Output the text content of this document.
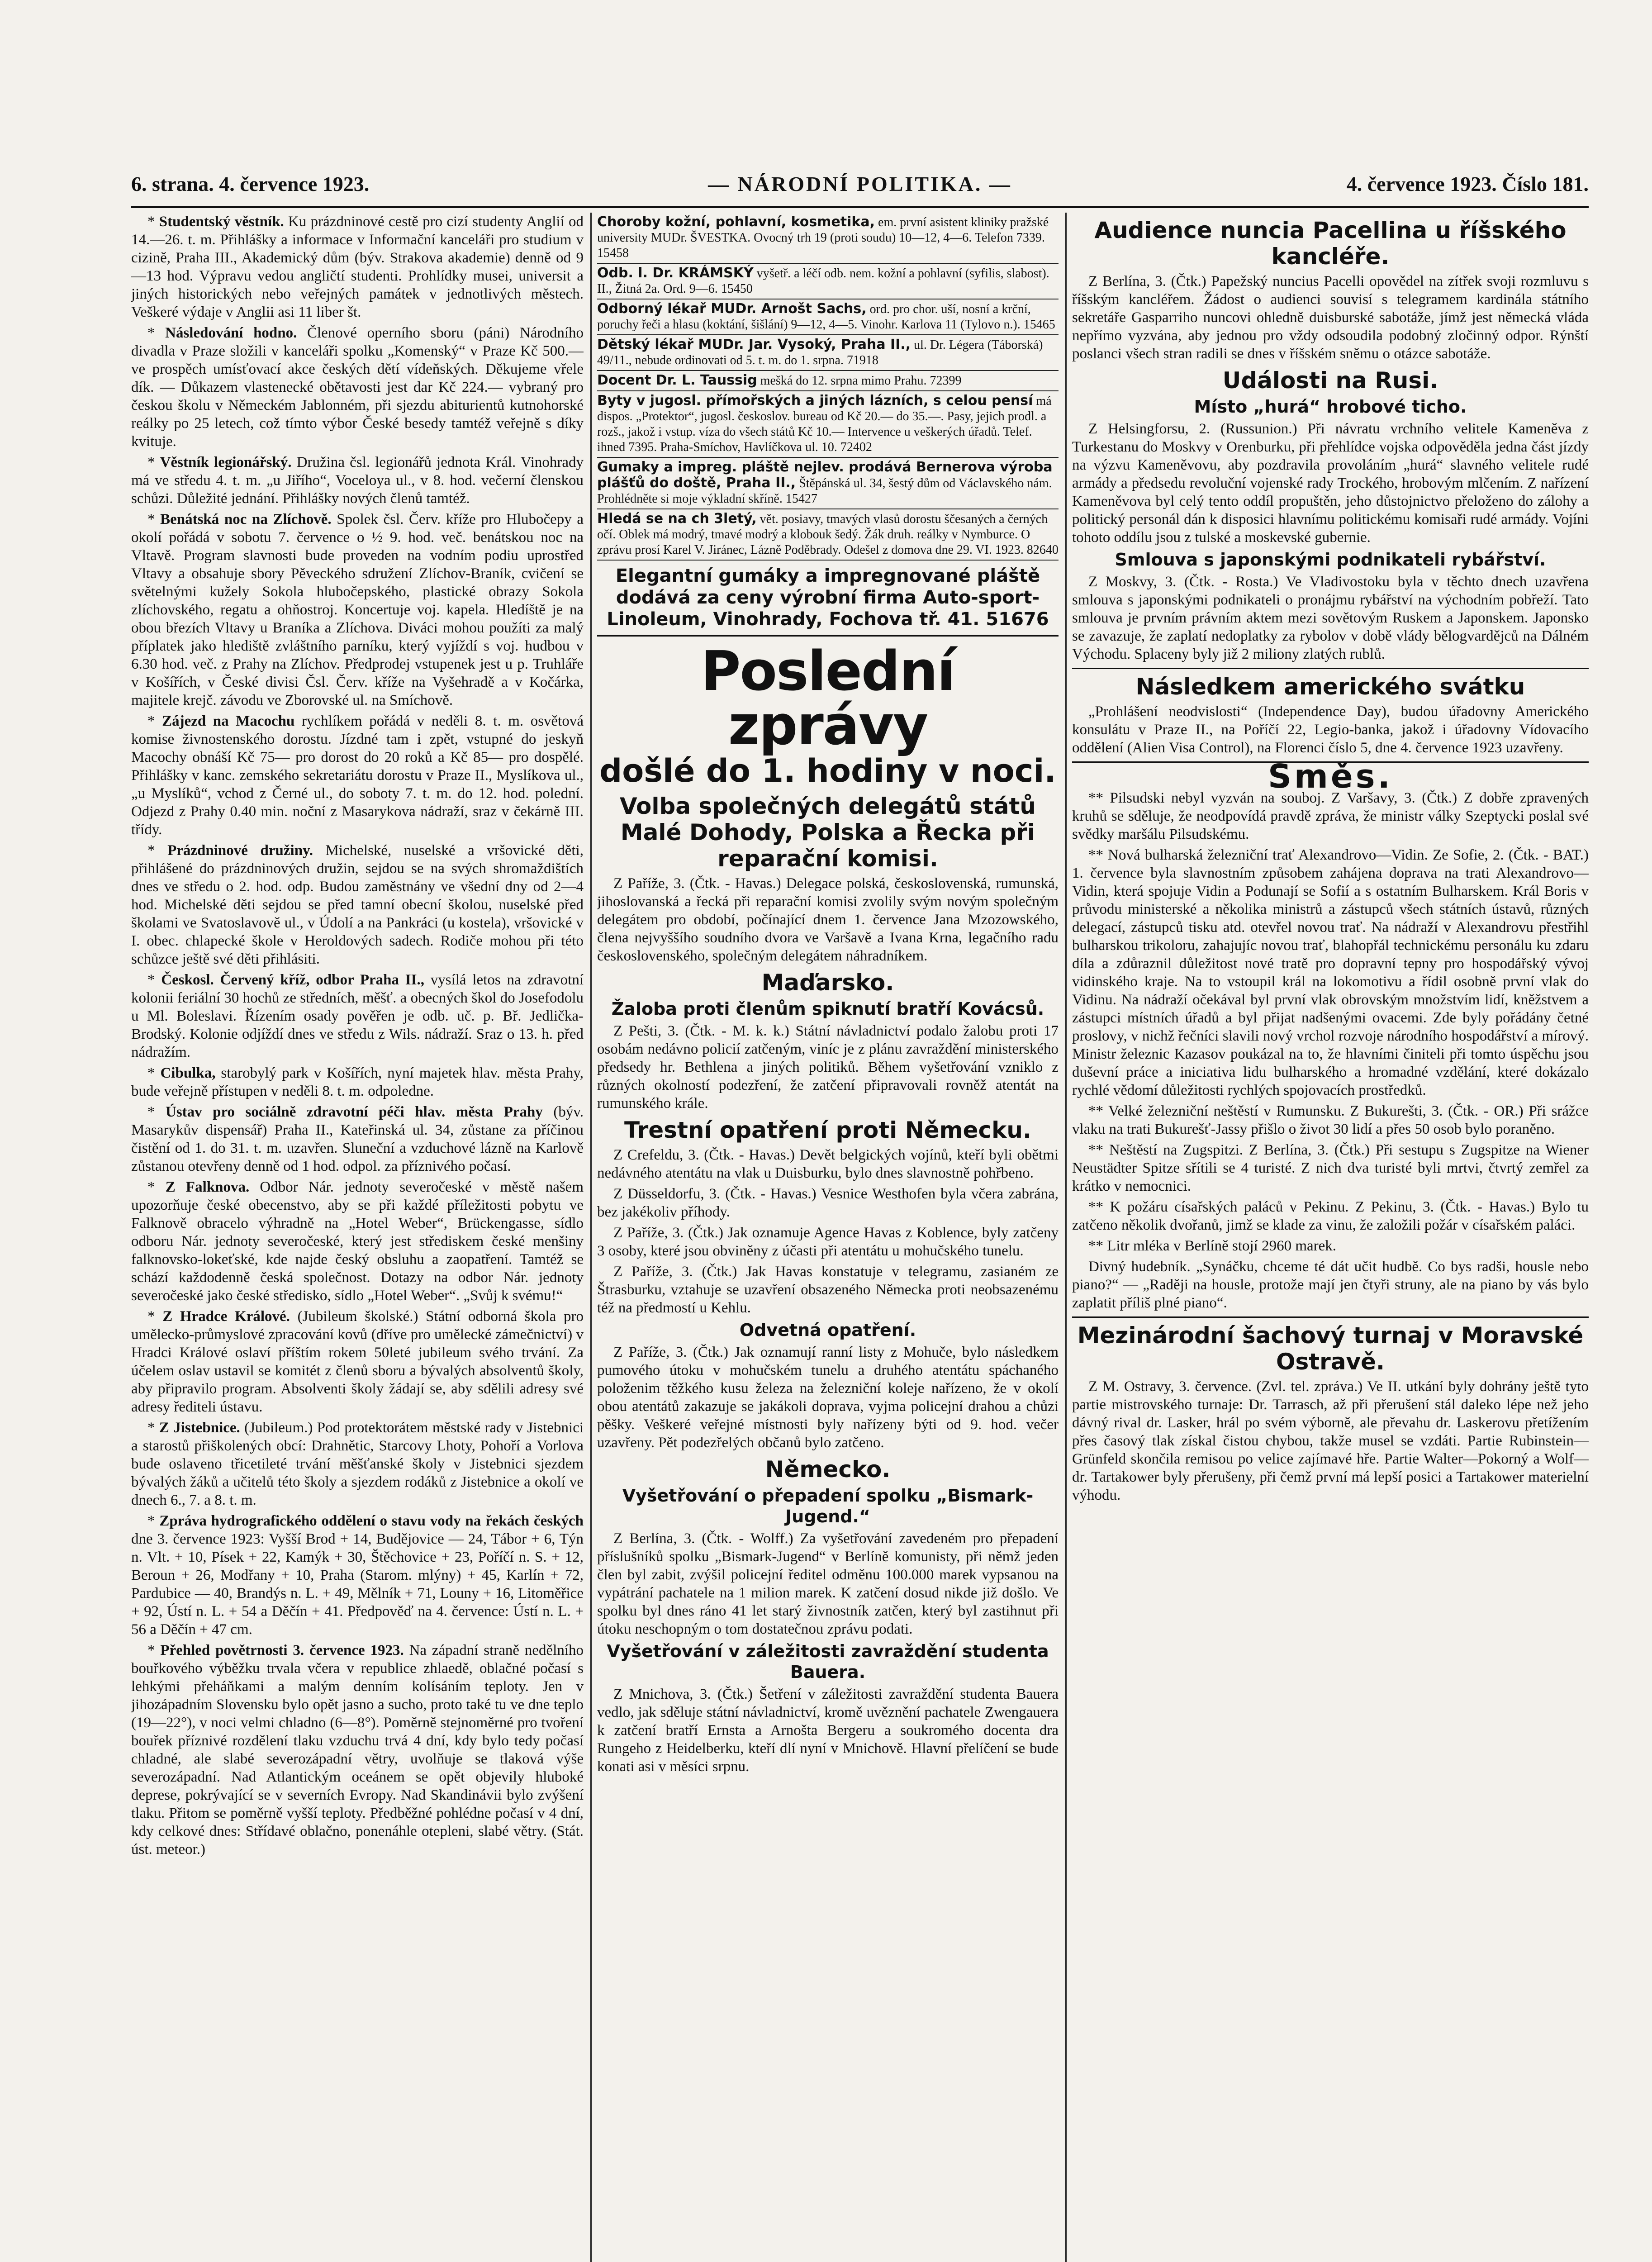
6. strana. 4. července 1923.	— NÁRODNÍ POLITIKA. —	4. července 1923. Číslo 181.

* Studentský věstník. Ku prázdninové cestě pro cizí studenty Anglií od 14.—26. t. m. Přihlášky a informace v Informační kanceláři pro studium v cizině, Praha III., Akademický dům (býv. Strakova akademie) denně od 9—13 hod. Výpravu vedou angličtí studenti. Prohlídky musei, universit a jiných historických nebo veřejných památek v jednotlivých městech. Veškeré výdaje v Anglii asi 11 liber št.

* Následování hodno. Členové operního sboru (páni) Národního divadla v Praze složili v kanceláři spolku „Komenský“ v Praze Kč 500.— ve prospěch umísťovací akce českých dětí vídeňských. Děkujeme vřele dík. — Důkazem vlastenecké obětavosti jest dar Kč 224.— vybraný pro českou školu v Německém Jablonném, při sjezdu abiturientů kutnohorské reálky po 25 letech, což tímto výbor České besedy tamtéž veřejně s díky kvituje.

* Věstník legionářský. Družina čsl. legionářů jednota Král. Vinohrady má ve středu 4. t. m. „u Jiřího“, Voceloya ul., v 8. hod. večerní členskou schůzi. Důležité jednání. Přihlášky nových členů tamtéž.

* Benátská noc na Zlíchově. Spolek čsl. Červ. kříže pro Hlubočepy a okolí pořádá v sobotu 7. července o ½ 9. hod. več. benátskou noc na Vltavě. Program slavnosti bude proveden na vodním podiu uprostřed Vltavy a obsahuje sbory Pěveckého sdružení Zlíchov-Braník, cvičení se světelnými kužely Sokola hlubočepského, plastické obrazy Sokola zlíchovského, regatu a ohňostroj. Koncertuje voj. kapela. Hledíště je na obou březích Vltavy u Braníka a Zlíchova. Diváci mohou použíti za malý příplatek jako hlediště zvláštního parníku, který vyjíždí s voj. hudbou v 6.30 hod. več. z Prahy na Zlíchov. Předprodej vstupenek jest u p. Truhláře v Košířích, v České divisi Čsl. Červ. kříže na Vyšehradě a v Kočárka, majitele krejč. závodu ve Zborovské ul. na Smíchově.

* Zájezd na Macochu rychlíkem pořádá v neděli 8. t. m. osvětová komise živnostenského dorostu. Jízdné tam i zpět, vstupné do jeskyň Macochy obnáší Kč 75— pro dorost do 20 roků a Kč 85— pro dospělé. Přihlášky v kanc. zemského sekretariátu dorostu v Praze II., Myslíkova ul., „u Myslíků“, vchod z Černé ul., do soboty 7. t. m. do 12. hod. polední. Odjezd z Prahy 0.40 min. noční z Masarykova nádraží, sraz v čekárně III. třídy.

* Prázdninové družiny. Michelské, nuselské a vršovické děti, přihlášené do prázdninových družin, sejdou se na svých shromaždištích dnes ve středu o 2. hod. odp. Budou zaměstnány ve všední dny od 2—4 hod. Michelské děti sejdou se před tamní obecní školou, nuselské před školami ve Svatoslavově ul., v Údolí a na Pankráci (u kostela), vršovické v I. obec. chlapecké škole v Heroldových sadech. Rodiče mohou při této schůzce ještě své děti přihlásiti.

* Českosl. Červený kříž, odbor Praha II., vysílá letos na zdravotní kolonii feriální 30 hochů ze středních, měšť. a obecných škol do Josefodolu u Ml. Boleslavi. Řízením osady pověřen je odb. uč. p. Bř. Jedlička-Brodský. Kolonie odjíždí dnes ve středu z Wils. nádraží. Sraz o 13. h. před nádražím.

* Cibulka, starobylý park v Košířích, nyní majetek hlav. města Prahy, bude veřejně přístupen v neděli 8. t. m. odpoledne.

* Ústav pro sociálně zdravotní péči hlav. města Prahy (býv. Masarykův dispensář) Praha II., Kateřinská ul. 34, zůstane za příčinou čistění od 1. do 31. t. m. uzavřen. Sluneční a vzduchové lázně na Karlově zůstanou otevřeny denně od 1 hod. odpol. za příznivého počasí.

* Z Falknova. Odbor Nár. jednoty severočeské v městě našem upozorňuje české obecenstvo, aby se při každé příležitosti pobytu ve Falknově obracelo výhradně na „Hotel Weber“, Brückengasse, sídlo odboru Nár. jednoty severočeské, který jest střediskem české menšiny falknovsko-lokeťské, kde najde český obsluhu a zaopatření. Tamtéž se schází každodenně česká společnost. Dotazy na odbor Nár. jednoty severočeské jako české středisko, sídlo „Hotel Weber“. „Svůj k svému!“

* Z Hradce Králové. (Jubileum školské.) Státní odborná škola pro umělecko-průmyslové zpracování kovů (dříve pro umělecké zámečnictví) v Hradci Králové oslaví příštím rokem 50leté jubileum svého trvání. Za účelem oslav ustavil se komitét z členů sboru a bývalých absolventů školy, aby připravilo program. Absolventi školy žádají se, aby sdělili adresy své adresy řediteli ústavu.

* Z Jistebnice. (Jubileum.) Pod protektorátem městské rady v Jistebnici a starostů přiškolených obcí: Drahnětic, Starcovy Lhoty, Pohoří a Vorlova bude oslaveno třicetileté trvání měšťanské školy v Jistebnici sjezdem bývalých žáků a učitelů této školy a sjezdem rodáků z Jistebnice a okolí ve dnech 6., 7. a 8. t. m.

* Zpráva hydrografického oddělení o stavu vody na řekách českých dne 3. července 1923: Vyšší Brod + 14, Budějovice — 24, Tábor + 6, Týn n. Vlt. + 10, Písek + 22, Kamýk + 30, Štěchovice + 23, Poříčí n. S. + 12, Beroun + 26, Modřany + 10, Praha (Starom. mlýny) + 45, Karlín + 72, Pardubice — 40, Brandýs n. L. + 49, Mělník + 71, Louny + 16, Litoměřice + 92, Ústí n. L. + 54 a Děčín + 41. Předpověď na 4. července: Ústí n. L. + 56 a Děčín + 47 cm.

* Přehled povětrnosti 3. července 1923. Na západní straně nedělního bouřkového výběžku trvala včera v republice zhlaedě, oblačné počasí s lehkými přeháňkami a malým denním kolísáním teploty. Jen v jihozápadním Slovensku bylo opět jasno a sucho, proto také tu ve dne teplo (19—22°), v noci velmi chladno (6—8°). Poměrně stejnoměrné pro tvoření bouřek příznivé rozdělení tlaku vzduchu trvá 4 dní, kdy bylo tedy počasí chladné, ale slabé severozápadní větry, uvolňuje se tlaková výše severozápadní. Nad Atlantickým oceánem se opět objevily hluboké deprese, pokrývající se v severních Evropy. Nad Skandinávii bylo zvýšení tlaku. Přitom se poměrně vyšší teploty. Předběžné pohlédne počasí v 4 dní, kdy celkové dnes: Střídavé oblačno, ponenáhle otepleni, slabé větry. (Stát. úst. meteor.)

Choroby kožní, pohlavní, kosmetika, em. první asistent kliniky pražské university MUDr. ŠVESTKA. Ovocný trh 19 (proti soudu) 10—12, 4—6. Telefon 7339. 15458
Odb. l. Dr. KRÁMSKÝ vyšetř. a léčí odb. nem. kožní a pohlavní (syfilis, slabost). II., Žitná 2a. Ord. 9—6. 15450
Odborný lékař MUDr. Arnošt Sachs, ord. pro chor. uší, nosní a krční, poruchy řeči a hlasu (koktání, šišlání) 9—12, 4—5. Vinohr. Karlova 11 (Tylovo n.). 15465
Dětský lékař MUDr. Jar. Vysoký, Praha II., ul. Dr. Légera (Táborská) 49/11., nebude ordinovati od 5. t. m. do 1. srpna. 71918
Docent Dr. L. Taussig mešká do 12. srpna mimo Prahu. 72399
Byty v jugosl. přímořských a jiných lázních, s celou pensí má dispos. „Protektor“, jugosl. českoslov. bureau od Kč 20.— do 35.—. Pasy, jejich prodl. a rozš., jakož i vstup. víza do všech států Kč 10.— Intervence u veškerých úřadů. Telef. ihned 7395. Praha-Smíchov, Havlíčkova ul. 10. 72402
Gumaky a impreg. pláště nejlev. prodává Bernerova výroba plášťů do doště, Praha II., Štěpánská ul. 34, šestý dům od Václavského nám. Prohlédněte si moje výkladní skříně. 15427
Hledá se na ch 3letý, vět. posiavy, tmavých vlasů dorostu ščesaných a černých očí. Oblek má modrý, tmavé modrý a klobouk šedý. Žák druh. reálky v Nymburce. O zprávu prosí Karel V. Jiránec, Lázně Poděbrady. Odešel z domova dne 29. VI. 1923. 82640
Elegantní gumáky a impregnované pláště dodává za ceny výrobní firma Auto-sport-Linoleum, Vinohrady, Fochova tř. 41. 51676
Poslední zprávy
došlé do 1. hodiny v noci.
Volba společných delegátů států Malé Dohody, Polska a Řecka při reparační komisi.

Z Paříže, 3. (Čtk. - Havas.) Delegace polská, československá, rumunská, jihoslovanská a řecká při reparační komisi zvolily svým novým společným delegátem pro období, počínající dnem 1. července Jana Mzozowského, člena nejvyššího soudního dvora ve Varšavě a Ivana Krna, legačního radu československého, společným delegátem náhradníkem.

Maďarsko.
Žaloba proti členům spiknutí bratří Kovácsů.

Z Pešti, 3. (Čtk. - M. k. k.) Státní návladnictví podalo žalobu proti 17 osobám nedávno policií zatčeným, viníc je z plánu zavraždění ministerského předsedy hr. Bethlena a jiných politiků. Během vyšetřování vzniklo z různých okolností podezření, že zatčení připravovali rovněž atentát na rumunského krále.

Trestní opatření proti Německu.

Z Crefeldu, 3. (Čtk. - Havas.) Devět belgických vojínů, kteří byli obětmi nedávného atentátu na vlak u Duisburku, bylo dnes slavnostně pohřbeno.

Z Düsseldorfu, 3. (Čtk. - Havas.) Vesnice Westhofen byla včera zabrána, bez jakékoliv příhody.

Z Paříže, 3. (Čtk.) Jak oznamuje Agence Havas z Koblence, byly zatčeny 3 osoby, které jsou obviněny z účasti při atentátu u mohučského tunelu.

Z Paříže, 3. (Čtk.) Jak Havas konstatuje v telegramu, zasianém ze Štrasburku, vztahuje se uzavření obsazeného Německa proti neobsazenému též na předmostí u Kehlu.

Odvetná opatření.

Z Paříže, 3. (Čtk.) Jak oznamují ranní listy z Mohuče, bylo následkem pumového útoku v mohučském tunelu a druhého atentátu spáchaného položenim těžkého kusu železa na železniční koleje nařízeno, že v okolí obou atentátů zakazuje se jakákoli doprava, vyjma policejní drahou a chůzi pěšky. Veškeré veřejné místnosti byly nařízeny býti od 9. hod. večer uzavřeny. Pět podezřelých občanů bylo zatčeno.

Německo.
Vyšetřování o přepadení spolku „Bismark-Jugend.“

Z Berlína, 3. (Čtk. - Wolff.) Za vyšetřování zavedeném pro přepadení příslušníků spolku „Bismark-Jugend“ v Berlíně komunisty, při němž jeden člen byl zabit, zvýšil policejní ředitel odměnu 100.000 marek vypsanou na vypátrání pachatele na 1 milion marek. K zatčení dosud nikde již došlo. Ve spolku byl dnes ráno 41 let starý živnostník zatčen, který byl zastihnut při útoku neschopným o tom dostatečnou zprávu podati.

Vyšetřování v záležitosti zavraždění studenta Bauera.

Z Mnichova, 3. (Čtk.) Šetření v záležitosti zavraždění studenta Bauera vedlo, jak sděluje státní návladnictví, kromě uvěznění pachatele Zwengauera k zatčení bratří Ernsta a Arnošta Bergeru a soukromého docenta dra Rungeho z Heidelberku, kteří dlí nyní v Mnichově. Hlavní přelíčení se bude konati asi v měsíci srpnu.

Audience nuncia Pacellina u říšského kancléře.

Z Berlína, 3. (Čtk.) Papežský nuncius Pacelli opovědel na zítřek svoji rozmluvu s říšským kancléřem. Žádost o audienci souvisí s telegramem kardinála státního sekretáře Gasparriho nuncovi ohledně duisburské sabotáže, jímž jest německá vláda nepřímo vyzvána, aby jednou pro vždy odsoudila podobný zločinný odpor. Rýnští poslanci všech stran radili se dnes v říšském sněmu o otázce sabotáže.

Události na Rusi.
Místo „hurá“ hrobové ticho.

Z Helsingforsu, 2. (Russunion.) Při návratu vrchního velitele Kameněva z Turkestanu do Moskvy v Orenburku, při přehlídce vojska odpověděla jedna část jízdy na výzvu Kameněvovu, aby pozdravila provoláním „hurá“ slavného velitele rudé armády a předsedu revoluční vojenské rady Trockého, hrobovým mlčením. Z nařízení Kameněvova byl celý tento oddíl propuštěn, jeho důstojnictvo přeloženo do zálohy a politický personál dán k disposici hlavnímu politickému komisaři rudé armády. Vojíni tohoto oddílu jsou z tulské a moskevské gubernie.

Smlouva s japonskými podnikateli rybářství.

Z Moskvy, 3. (Čtk. - Rosta.) Ve Vladivostoku byla v těchto dnech uzavřena smlouva s japonskými podnikateli o pronájmu rybářství na východním pobřeží. Tato smlouva je prvním právním aktem mezi sovětovým Ruskem a Japonskem. Japonsko se zavazuje, že zaplatí nedoplatky za rybolov v době vlády bělogvardějců na Dálném Východu. Splaceny byly již 2 miliony zlatých rublů.

Následkem amerického svátku

„Prohlášení neodvislosti“ (Independence Day), budou úřadovny Amerického konsulátu v Praze II., na Poříčí 22, Legio-banka, jakož i úřadovny Vídovacího oddělení (Alien Visa Control), na Florenci číslo 5, dne 4. července 1923 uzavřeny.

Směs.

** Pilsudski nebyl vyzván na souboj. Z Varšavy, 3. (Čtk.) Z dobře zpravených kruhů se sděluje, že neodpovídá pravdě zpráva, že ministr války Szeptycki poslal své svědky maršálu Pilsudskému.

** Nová bulharská železniční trať Alexandrovo—Vidin. Ze Sofie, 2. (Čtk. - BAT.) 1. července byla slavnostním způsobem zahájena doprava na trati Alexandrovo—Vidin, která spojuje Vidin a Podunají se Sofií a s ostatním Bulharskem. Král Boris v průvodu ministerské a několika ministrů a zástupců všech státních ústavů, různých delegací, zástupců tisku atd. otevřel novou trať. Na nádraží v Alexandrovu přestřihl bulharskou trikoloru, zahajujíc novou trať, blahopřál technickému personálu ku zdaru díla a zdůraznil důležitost nové tratě pro dopravní tepny pro hospodářský vývoj vidinského kraje. Na to vstoupil král na lokomotivu a řídil osobně první vlak do Vidinu. Na nádraží očekával byl první vlak obrovským množstvím lidí, kněžstvem a zástupci místních úřadů a byl přijat nadšenými ovacemi. Zde byly pořádány četné proslovy, v nichž řečníci slavili nový vrchol rozvoje národního hospodářství a mírový. Ministr železnic Kazasov poukázal na to, že hlavními činiteli při tomto úspěchu jsou duševní práce a iniciativa lidu bulharského a hromadné vzdělání, které dokázalo rychlé vědomí důležitosti rychlých spojovacích prostředků.

** Velké železniční neštěstí v Rumunsku. Z Bukurešti, 3. (Čtk. - OR.) Při srážce vlaku na trati Bukurešť-Jassy přišlo o život 30 lidí a přes 50 osob bylo poraněno.

** Neštěstí na Zugspitzi. Z Berlína, 3. (Čtk.) Při sestupu s Zugspitze na Wiener Neustädter Spitze sřítili se 4 turisté. Z nich dva turisté byli mrtvi, čtvrtý zemřel za krátko v nemocnici.

** K požáru císařských paláců v Pekinu. Z Pekinu, 3. (Čtk. - Havas.) Bylo tu zatčeno několik dvořanů, jimž se klade za vinu, že založili požár v císařském paláci.

** Litr mléka v Berlíně stojí 2960 marek.

Divný hudebník. „Synáčku, chceme té dát učit hudbě. Co bys radši, housle nebo piano?“ — „Raději na housle, protože mají jen čtyři struny, ale na piano by vás bylo zaplatit příliš plné piano“.

Mezinárodní šachový turnaj v Moravské Ostravě.

Z M. Ostravy, 3. července. (Zvl. tel. zpráva.) Ve II. utkání byly dohrány ještě tyto partie mistrovského turnaje: Dr. Tarrasch, až při přerušení stál daleko lépe než jeho dávný rival dr. Lasker, hrál po svém výborně, ale převahu dr. Laskerovu přetížením přes časový tlak získal čistou chybou, takže musel se vzdáti. Partie Rubinstein—Grünfeld skončila remisou po velice zajímavé hře. Partie Walter—Pokorný a Wolf—dr. Tartakower byly přerušeny, při čemž první má lepší posici a Tartakower materielní výhodu.
